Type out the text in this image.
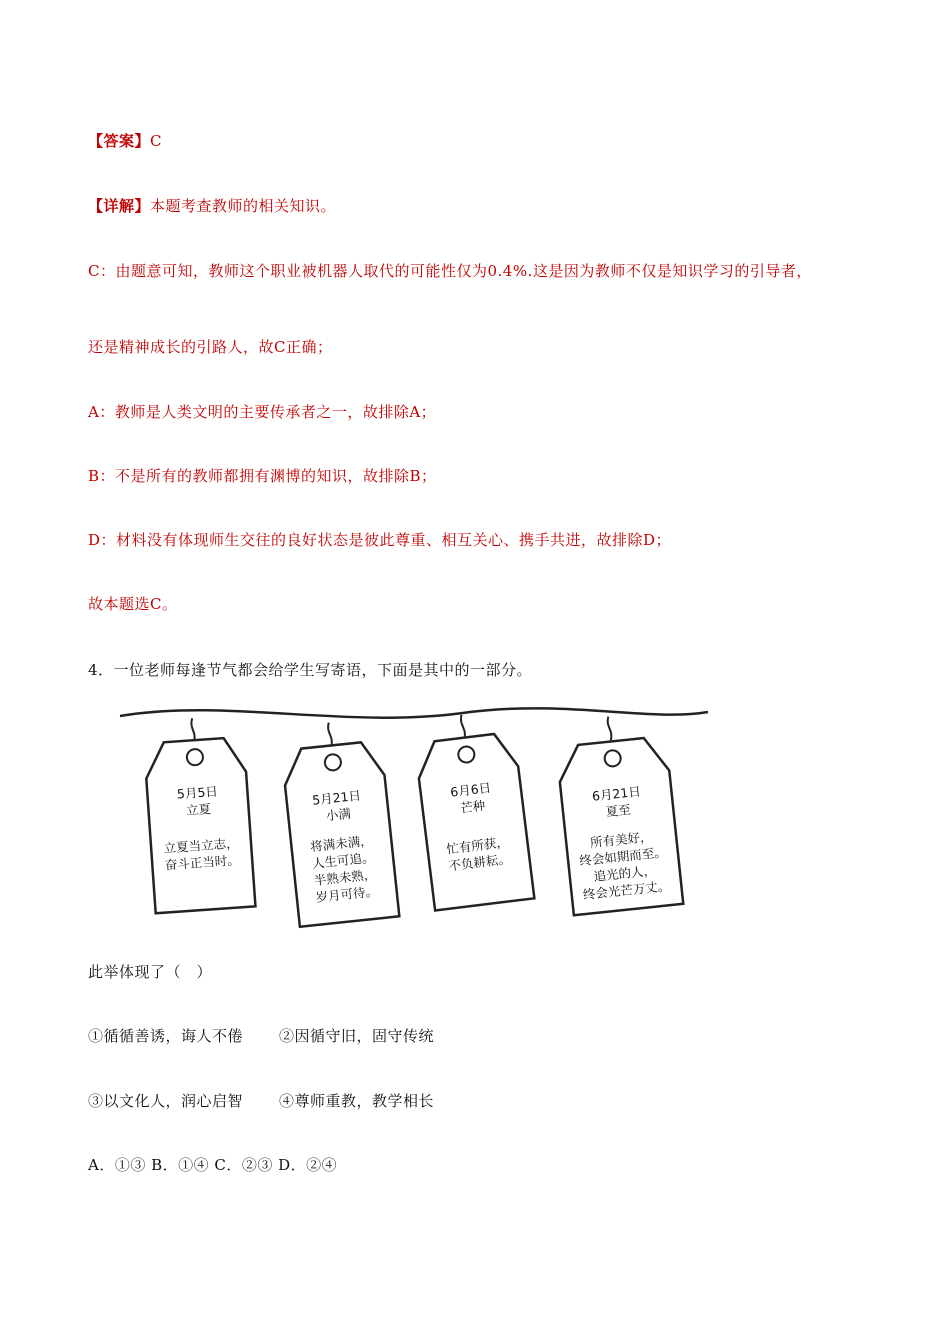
【答案】C
【详解】本题考查教师的相关知识。
C：由题意可知，教师这个职业被机器人取代的可能性仅为0.4%.这是因为教师不仅是知识学习的引导者，
还是精神成长的引路人，故C正确；
A：教师是人类文明的主要传承者之一，故排除A；
B：不是所有的教师都拥有渊博的知识，故排除B；
D：材料没有体现师生交往的良好状态是彼此尊重、相互关心、携手共进，故排除D；
故本题选C。
4．一位老师每逢节气都会给学生写寄语，下面是其中的一部分。
5月5日
立夏
立夏当立志，
奋斗正当时。
5月21日
小满
将满未满，
人生可追。
半熟未熟，
岁月可待。
6月6日
芒种
忙有所获，
不负耕耘。
6月21日
夏至
所有美好，
终会如期而至。
追光的人，
终会光芒万丈。
此举体现了（　）
①循循善诱，诲人不倦 ②因循守旧，固守传统
③以文化人，润心启智 ④尊师重教，教学相长
A．①③ B．①④ C．②③ D．②④
